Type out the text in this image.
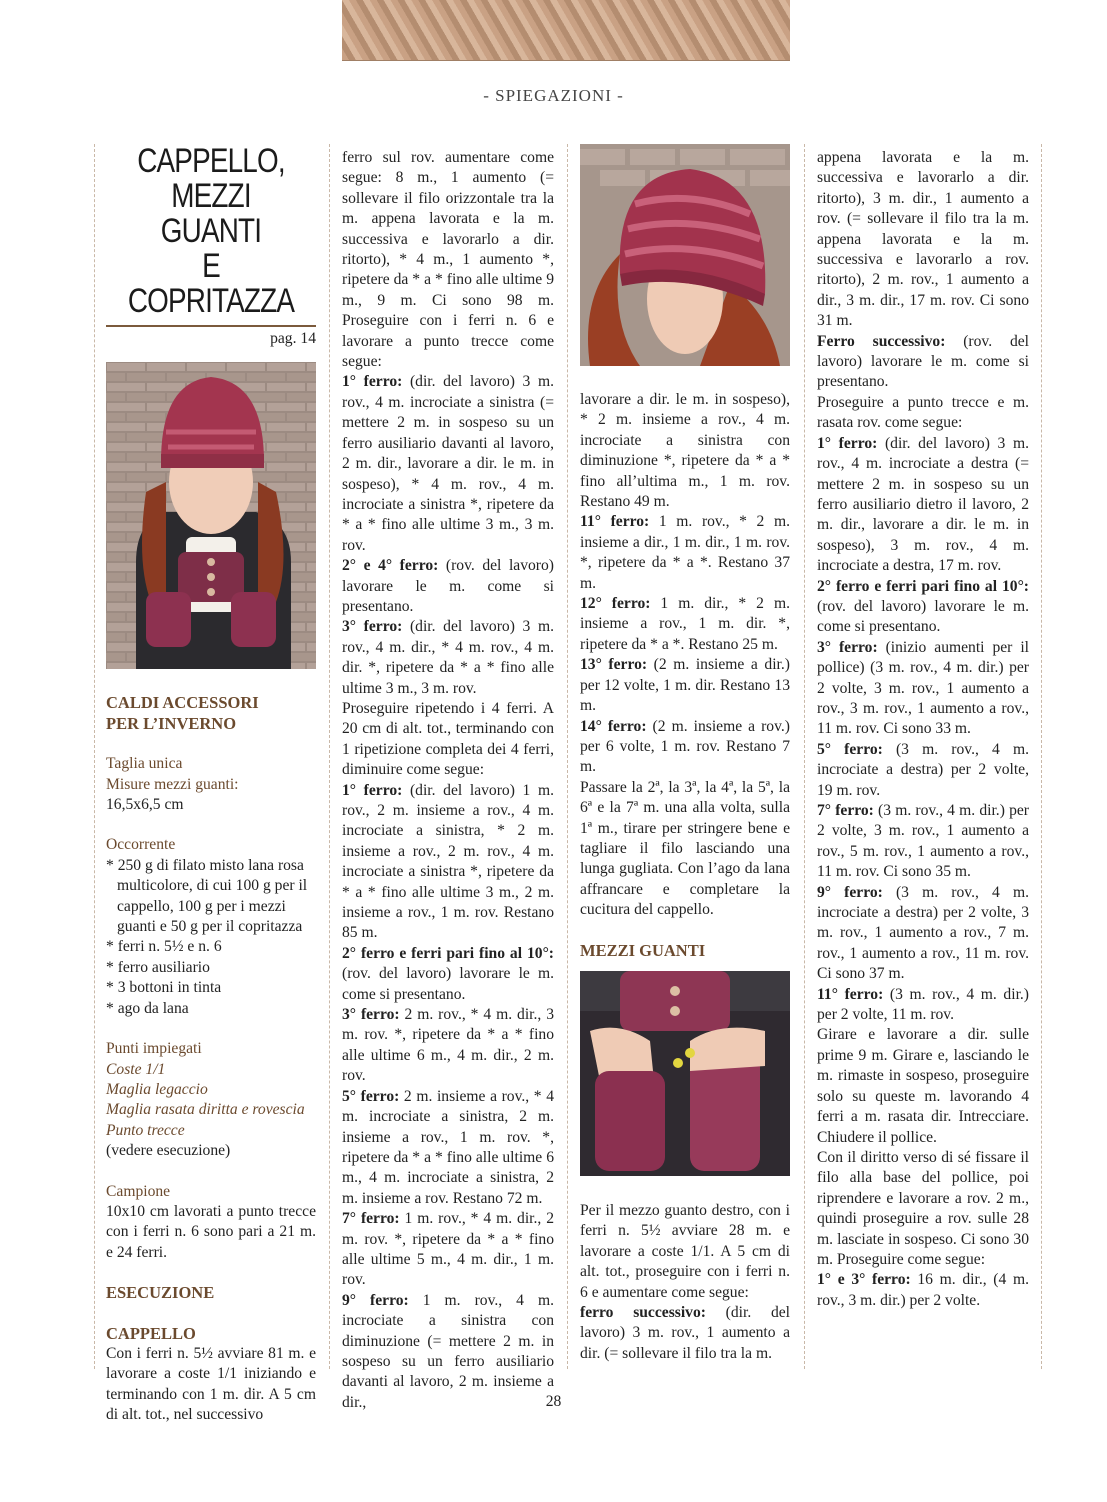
- SPIEGAZIONI -
CAPPELLO,
MEZZI GUANTI
E COPRITAZZA

pag. 14

CALDI ACCESSORI

PER L’INVERNO

Taglia unica

Misure mezzi guanti:

16,5x6,5 cm

Occorrente

* 250 g di filato misto lana rosa multicolore, di cui 100 g per il cappello, 100 g per i mezzi guanti e 50 g per il copritazza

* ferri n. 5½ e n. 6

* ferro ausiliario

* 3 bottoni in tinta

* ago da lana

Punti impiegati

Coste 1/1

Maglia legaccio

Maglia rasata diritta e rovescia

Punto trecce

(vedere esecuzione)

Campione

10x10 cm lavorati a punto trecce con i ferri n. 6 sono pari a 21 m. e 24 ferri.

ESECUZIONE

CAPPELLO

Con i ferri n. 5½ avviare 81 m. e lavorare a coste 1/1 iniziando e terminando con 1 m. dir. A 5 cm di alt. tot., nel successivo

ferro sul rov. aumentare come segue: 8 m., 1 aumento (= sollevare il filo orizzontale tra la m. appena lavorata e la m. successiva e lavorarlo a dir. ritorto), * 4 m., 1 aumento *, ripetere da * a * fino alle ultime 9 m., 9 m. Ci sono 98 m. Proseguire con i ferri n. 6 e lavorare a punto trecce come segue:

1° ferro: (dir. del lavoro) 3 m. rov., 4 m. incrociate a sinistra (= mettere 2 m. in sospeso su un ferro ausiliario davanti al lavoro, 2 m. dir., lavorare a dir. le m. in sospeso), * 4 m. rov., 4 m. incrociate a sinistra *, ripetere da * a * fino alle ultime 3 m., 3 m. rov.

2° e 4° ferro: (rov. del lavoro) lavorare le m. come si presentano.

3° ferro: (dir. del lavoro) 3 m. rov., 4 m. dir., * 4 m. rov., 4 m. dir. *, ripetere da * a * fino alle ultime 3 m., 3 m. rov.

Proseguire ripetendo i 4 ferri. A 20 cm di alt. tot., terminando con 1 ripetizione completa dei 4 ferri, diminuire come segue:

1° ferro: (dir. del lavoro) 1 m. rov., 2 m. insieme a rov., 4 m. incrociate a sinistra, * 2 m. insieme a rov., 2 m. rov., 4 m. incrociate a sinistra *, ripetere da * a * fino alle ultime 3 m., 2 m. insieme a rov., 1 m. rov. Restano 85 m.

2° ferro e ferri pari fino al 10°: (rov. del lavoro) lavorare le m. come si presentano.

3° ferro: 2 m. rov., * 4 m. dir., 3 m. rov. *, ripetere da * a * fino alle ultime 6 m., 4 m. dir., 2 m. rov.

5° ferro: 2 m. insieme a rov., * 4 m. incrociate a sinistra, 2 m. insieme a rov., 1 m. rov. *, ripetere da * a * fino alle ultime 6 m., 4 m. incrociate a sinistra, 2 m. insieme a rov. Restano 72 m.

7° ferro: 1 m. rov., * 4 m. dir., 2 m. rov. *, ripetere da * a * fino alle ultime 5 m., 4 m. dir., 1 m. rov.

9° ferro: 1 m. rov., 4 m. incrociate a sinistra con diminuzione (= mettere 2 m. in sospeso su un ferro ausiliario davanti al lavoro, 2 m. insieme a dir.,

lavorare a dir. le m. in sospeso), * 2 m. insieme a rov., 4 m. incrociate a sinistra con diminuzione *, ripetere da * a * fino all’ultima m., 1 m. rov. Restano 49 m.

11° ferro: 1 m. rov., * 2 m. insieme a dir., 1 m. dir., 1 m. rov. *, ripetere da * a *. Restano 37 m.

12° ferro: 1 m. dir., * 2 m. insieme a rov., 1 m. dir. *, ripetere da * a *. Restano 25 m.

13° ferro: (2 m. insieme a dir.) per 12 volte, 1 m. dir. Restano 13 m.

14° ferro: (2 m. insieme a rov.) per 6 volte, 1 m. rov. Restano 7 m.

Passare la 2ª, la 3ª, la 4ª, la 5ª, la 6ª e la 7ª m. una alla volta, sulla 1ª m., tirare per stringere bene e tagliare il filo lasciando una lunga gugliata. Con l’ago da lana affrancare e completare la cucitura del cappello.

MEZZI GUANTI

Per il mezzo guanto destro, con i ferri n. 5½ avviare 28 m. e lavorare a coste 1/1. A 5 cm di alt. tot., proseguire con i ferri n. 6 e aumentare come segue:

ferro successivo: (dir. del lavoro) 3 m. rov., 1 aumento a dir. (= sollevare il filo tra la m.

appena lavorata e la m. successiva e lavorarlo a dir. ritorto), 3 m. dir., 1 aumento a rov. (= sollevare il filo tra la m. appena lavorata e la m. successiva e lavorarlo a rov. ritorto), 2 m. rov., 1 aumento a dir., 3 m. dir., 17 m. rov. Ci sono 31 m.

Ferro successivo: (rov. del lavoro) lavorare le m. come si presentano.

Proseguire a punto trecce e m. rasata rov. come segue:

1° ferro: (dir. del lavoro) 3 m. rov., 4 m. incrociate a destra (= mettere 2 m. in sospeso su un ferro ausiliario dietro il lavoro, 2 m. dir., lavorare a dir. le m. in sospeso), 3 m. rov., 4 m. incrociate a destra, 17 m. rov.

2° ferro e ferri pari fino al 10°: (rov. del lavoro) lavorare le m. come si presentano.

3° ferro: (inizio aumenti per il pollice) (3 m. rov., 4 m. dir.) per 2 volte, 3 m. rov., 1 aumento a rov., 3 m. rov., 1 aumento a rov., 11 m. rov. Ci sono 33 m.

5° ferro: (3 m. rov., 4 m. incrociate a destra) per 2 volte, 19 m. rov.

7° ferro: (3 m. rov., 4 m. dir.) per 2 volte, 3 m. rov., 1 aumento a rov., 5 m. rov., 1 aumento a rov., 11 m. rov. Ci sono 35 m.

9° ferro: (3 m. rov., 4 m. incrociate a destra) per 2 volte, 3 m. rov., 1 aumento a rov., 7 m. rov., 1 aumento a rov., 11 m. rov. Ci sono 37 m.

11° ferro: (3 m. rov., 4 m. dir.) per 2 volte, 11 m. rov.

Girare e lavorare a dir. sulle prime 9 m. Girare e, lasciando le m. rimaste in sospeso, proseguire solo su queste m. lavorando 4 ferri a m. rasata dir. Intrecciare. Chiudere il pollice.

Con il diritto verso di sé fissare il filo alla base del pollice, poi riprendere e lavorare a rov. 2 m., quindi proseguire a rov. sulle 28 m. lasciate in sospeso. Ci sono 30 m. Proseguire come segue:

1° e 3° ferro: 16 m. dir., (4 m. rov., 3 m. dir.) per 2 volte.

28
